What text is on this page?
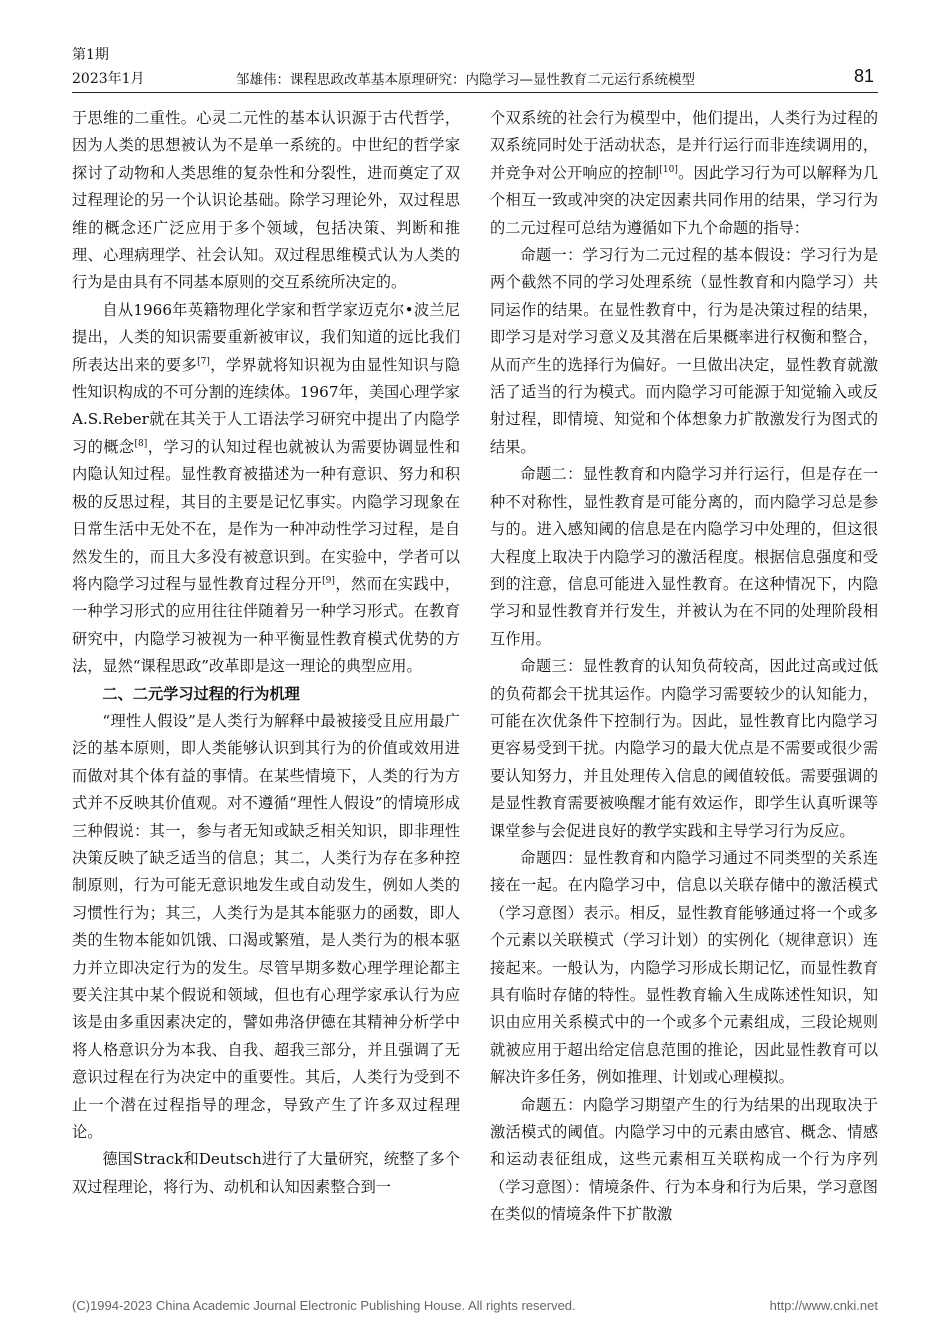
第1期
2023年1月	邹雄伟：课程思政改革基本原理研究：内隐学习—显性教育二元运行系统模型	81

于思维的二重性。心灵二元性的基本认识源于古代哲学，因为人类的思想被认为不是单一系统的。中世纪的哲学家探讨了动物和人类思维的复杂性和分裂性，进而奠定了双过程理论的另一个认识论基础。除学习理论外，双过程思维的概念还广泛应用于多个领域，包括决策、判断和推理、心理病理学、社会认知。双过程思维模式认为人类的行为是由具有不同基本原则的交互系统所决定的。

自从1966年英籍物理化学家和哲学家迈克尔•波兰尼提出，人类的知识需要重新被审议，我们知道的远比我们所表达出来的要多[7]，学界就将知识视为由显性知识与隐性知识构成的不可分割的连续体。1967年，美国心理学家A.S.Reber就在其关于人工语法学习研究中提出了内隐学习的概念[8]，学习的认知过程也就被认为需要协调显性和内隐认知过程。显性教育被描述为一种有意识、努力和积极的反思过程，其目的主要是记忆事实。内隐学习现象在日常生活中无处不在，是作为一种冲动性学习过程，是自然发生的，而且大多没有被意识到。在实验中，学者可以将内隐学习过程与显性教育过程分开[9]，然而在实践中，一种学习形式的应用往往伴随着另一种学习形式。在教育研究中，内隐学习被视为一种平衡显性教育模式优势的方法，显然“课程思政”改革即是这一理论的典型应用。

二、二元学习过程的行为机理

“理性人假设”是人类行为解释中最被接受且应用最广泛的基本原则，即人类能够认识到其行为的价值或效用进而做对其个体有益的事情。在某些情境下，人类的行为方式并不反映其价值观。对不遵循“理性人假设”的情境形成三种假说：其一，参与者无知或缺乏相关知识，即非理性决策反映了缺乏适当的信息；其二，人类行为存在多种控制原则，行为可能无意识地发生或自动发生，例如人类的习惯性行为；其三，人类行为是其本能驱力的函数，即人类的生物本能如饥饿、口渴或繁殖，是人类行为的根本驱力并立即决定行为的发生。尽管早期多数心理学理论都主要关注其中某个假说和领域，但也有心理学家承认行为应该是由多重因素决定的，譬如弗洛伊德在其精神分析学中将人格意识分为本我、自我、超我三部分，并且强调了无意识过程在行为决定中的重要性。其后，人类行为受到不止一个潜在过程指导的理念，导致产生了许多双过程理论。

德国Strack和Deutsch进行了大量研究，统整了多个双过程理论，将行为、动机和认知因素整合到一

个双系统的社会行为模型中，他们提出，人类行为过程的双系统同时处于活动状态，是并行运行而非连续调用的，并竞争对公开响应的控制[10]。因此学习行为可以解释为几个相互一致或冲突的决定因素共同作用的结果，学习行为的二元过程可总结为遵循如下九个命题的指导：

命题一：学习行为二元过程的基本假设：学习行为是两个截然不同的学习处理系统（显性教育和内隐学习）共同运作的结果。在显性教育中，行为是决策过程的结果，即学习是对学习意义及其潜在后果概率进行权衡和整合，从而产生的选择行为偏好。一旦做出决定，显性教育就激活了适当的行为模式。而内隐学习可能源于知觉输入或反射过程，即情境、知觉和个体想象力扩散激发行为图式的结果。

命题二：显性教育和内隐学习并行运行，但是存在一种不对称性，显性教育是可能分离的，而内隐学习总是参与的。进入感知阈的信息是在内隐学习中处理的，但这很大程度上取决于内隐学习的激活程度。根据信息强度和受到的注意，信息可能进入显性教育。在这种情况下，内隐学习和显性教育并行发生，并被认为在不同的处理阶段相互作用。

命题三：显性教育的认知负荷较高，因此过高或过低的负荷都会干扰其运作。内隐学习需要较少的认知能力，可能在次优条件下控制行为。因此，显性教育比内隐学习更容易受到干扰。内隐学习的最大优点是不需要或很少需要认知努力，并且处理传入信息的阈值较低。需要强调的是显性教育需要被唤醒才能有效运作，即学生认真听课等课堂参与会促进良好的教学实践和主导学习行为反应。

命题四：显性教育和内隐学习通过不同类型的关系连接在一起。在内隐学习中，信息以关联存储中的激活模式（学习意图）表示。相反，显性教育能够通过将一个或多个元素以关联模式（学习计划）的实例化（规律意识）连接起来。一般认为，内隐学习形成长期记忆，而显性教育具有临时存储的特性。显性教育输入生成陈述性知识，知识由应用关系模式中的一个或多个元素组成，三段论规则就被应用于超出给定信息范围的推论，因此显性教育可以解决许多任务，例如推理、计划或心理模拟。

命题五：内隐学习期望产生的行为结果的出现取决于激活模式的阈值。内隐学习中的元素由感官、概念、情感和运动表征组成，这些元素相互关联构成一个行为序列（学习意图）：情境条件、行为本身和行为后果，学习意图在类似的情境条件下扩散激

(C)1994-2023 China Academic Journal Electronic Publishing House. All rights reserved.	http://www.cnki.net
